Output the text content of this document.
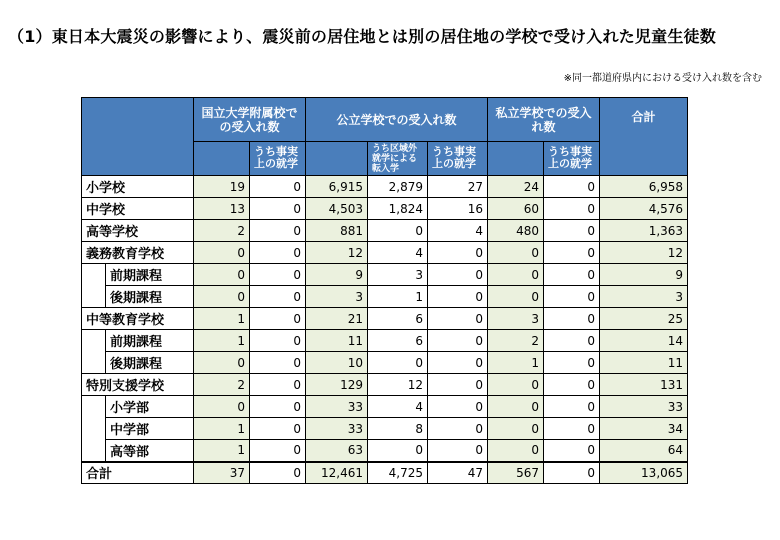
（1）東日本大震災の影響により、震災前の居住地とは別の居住地の学校で受け入れた児童生徒数
※同一都道府県内における受け入れ数を含む
		国立大学附属校での受入れ数		公立学校での受入れ数			私立学校での受入れ数		合計
			うち事実上の就学		うち区域外就学による転入学	うち事実上の就学		うち事実上の就学	
小学校		19	0	6,915	2,879	27	24	0	6,958
中学校		13	0	4,503	1,824	16	60	0	4,576
高等学校		2	0	881	0	4	480	0	1,363
義務教育学校		0	0	12	4	0	0	0	12
	前期課程	0	0	9	3	0	0	0	9
	後期課程	0	0	3	1	0	0	0	3
中等教育学校		1	0	21	6	0	3	0	25
	前期課程	1	0	11	6	0	2	0	14
	後期課程	0	0	10	0	0	1	0	11
特別支援学校		2	0	129	12	0	0	0	131
	小学部	0	0	33	4	0	0	0	33
	中学部	1	0	33	8	0	0	0	34
	高等部	1	0	63	0	0	0	0	64
合計		37	0	12,461	4,725	47	567	0	13,065
